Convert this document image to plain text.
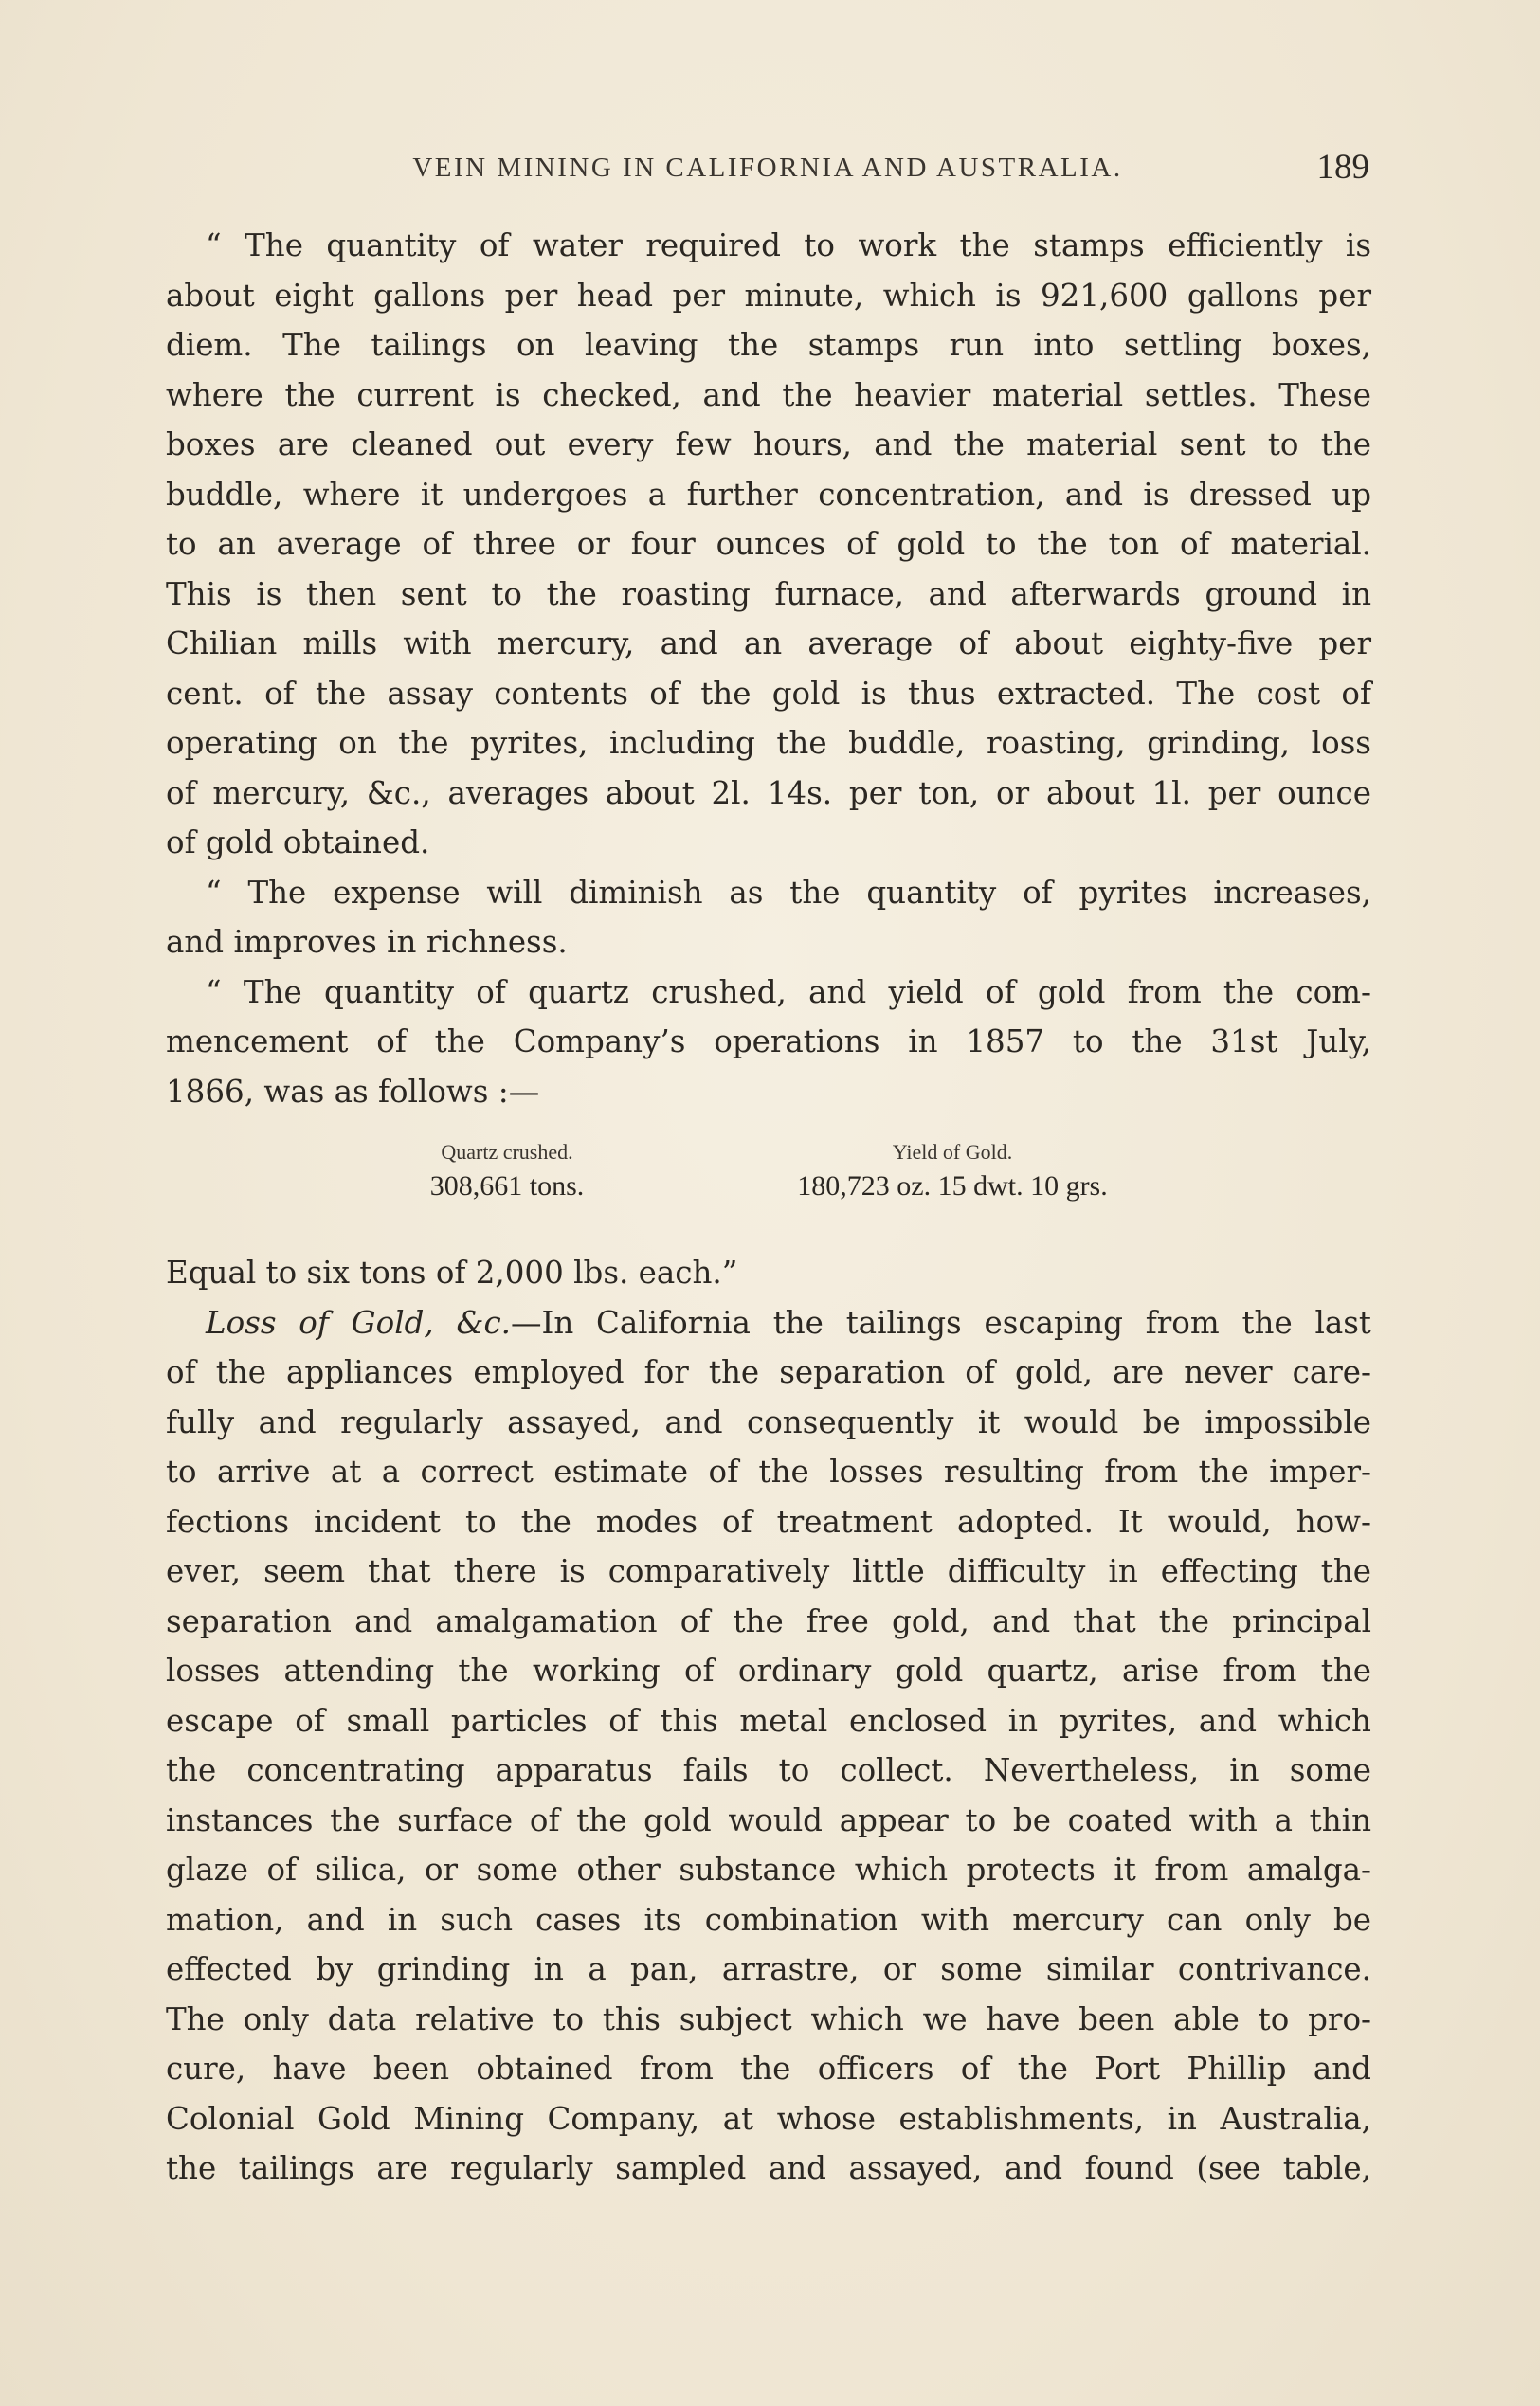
VEIN MINING IN CALIFORNIA AND AUSTRALIA.	189
“ The quantity of water required to work the stamps efficiently is
about eight gallons per head per minute, which is 921,600 gallons per
diem. The tailings on leaving the stamps run into settling boxes,
where the current is checked, and the heavier material settles. These
boxes are cleaned out every few hours, and the material sent to the
buddle, where it undergoes a further concentration, and is dressed up
to an average of three or four ounces of gold to the ton of material.
This is then sent to the roasting furnace, and afterwards ground in
Chilian mills with mercury, and an average of about eighty-five per
cent. of the assay contents of the gold is thus extracted. The cost of
operating on the pyrites, including the buddle, roasting, grinding, loss
of mercury, &c., averages about 2l. 14s. per ton, or about 1l. per ounce
of gold obtained.
“ The expense will diminish as the quantity of pyrites increases,
and improves in richness.
“ The quantity of quartz crushed, and yield of gold from the com-
mencement of the Company’s operations in 1857 to the 31st July,
1866, was as follows :—
Quartz crushed.
308,661 tons.
Yield of Gold.
180,723 oz. 15 dwt. 10 grs.
Equal to six tons of 2,000 lbs. each.”
Loss of Gold, &c.—In California the tailings escaping from the last
of the appliances employed for the separation of gold, are never care-
fully and regularly assayed, and consequently it would be impossible
to arrive at a correct estimate of the losses resulting from the imper-
fections incident to the modes of treatment adopted. It would, how-
ever, seem that there is comparatively little difficulty in effecting the
separation and amalgamation of the free gold, and that the principal
losses attending the working of ordinary gold quartz, arise from the
escape of small particles of this metal enclosed in pyrites, and which
the concentrating apparatus fails to collect. Nevertheless, in some
instances the surface of the gold would appear to be coated with a thin
glaze of silica, or some other substance which protects it from amalga-
mation, and in such cases its combination with mercury can only be
effected by grinding in a pan, arrastre, or some similar contrivance.
The only data relative to this subject which we have been able to pro-
cure, have been obtained from the officers of the Port Phillip and
Colonial Gold Mining Company, at whose establishments, in Australia,
the tailings are regularly sampled and assayed, and found (see table,
